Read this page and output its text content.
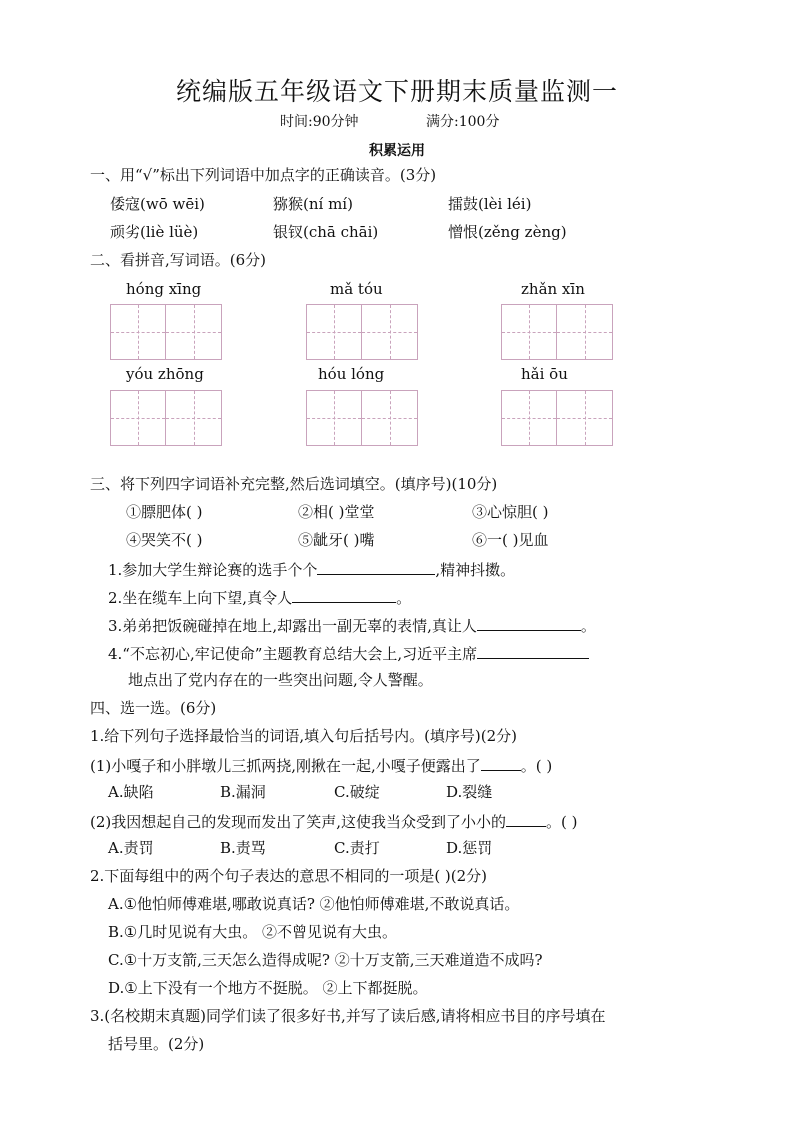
统编版五年级语文下册期末质量监测一
时间:90分钟	满分:100分
积累运用
一、用“√”标出下列词语中加点字的正确读音。(3分)
倭寇(wō wēi)	猕猴(ní mí)	擂鼓(lèi léi)
顽劣(liè lüè)	银钗(chā chāi)	憎恨(zěng zèng)
二、看拼音,写词语。(6分)
hóng xīng	mǎ tóu	zhǎn xīn
yóu zhōng	hóu lóng	hǎi ōu
三、将下列四字词语补充完整,然后选词填空。(填序号)(10分)
①膘肥体( )	②相( )堂堂	③心惊胆( )
④哭笑不( )	⑤龇牙( )嘴	⑥一( )见血
1.参加大学生辩论赛的选手个个	,精神抖擞。
2.坐在缆车上向下望,真令人	。
3.弟弟把饭碗碰掉在地上,却露出一副无辜的表情,真让人	。
4.“不忘初心,牢记使命”主题教育总结大会上,习近平主席
地点出了党内存在的一些突出问题,令人警醒。
四、选一选。(6分)
1.给下列句子选择最恰当的词语,填入句后括号内。(填序号)(2分)
(1)小嘎子和小胖墩儿三抓两挠,刚揪在一起,小嘎子便露出了	。( )
A.缺陷	B.漏洞	C.破绽	D.裂缝
(2)我因想起自己的发现而发出了笑声,这使我当众受到了小小的	。( )
A.责罚	B.责骂	C.责打	D.惩罚
2.下面每组中的两个句子表达的意思不相同的一项是( )(2分)
A.①他怕师傅难堪,哪敢说真话? ②他怕师傅难堪,不敢说真话。
B.①几时见说有大虫。 ②不曾见说有大虫。
C.①十万支箭,三天怎么造得成呢? ②十万支箭,三天难道造不成吗?
D.①上下没有一个地方不挺脱。 ②上下都挺脱。
3.(名校期末真题)同学们读了很多好书,并写了读后感,请将相应书目的序号填在
括号里。(2分)
